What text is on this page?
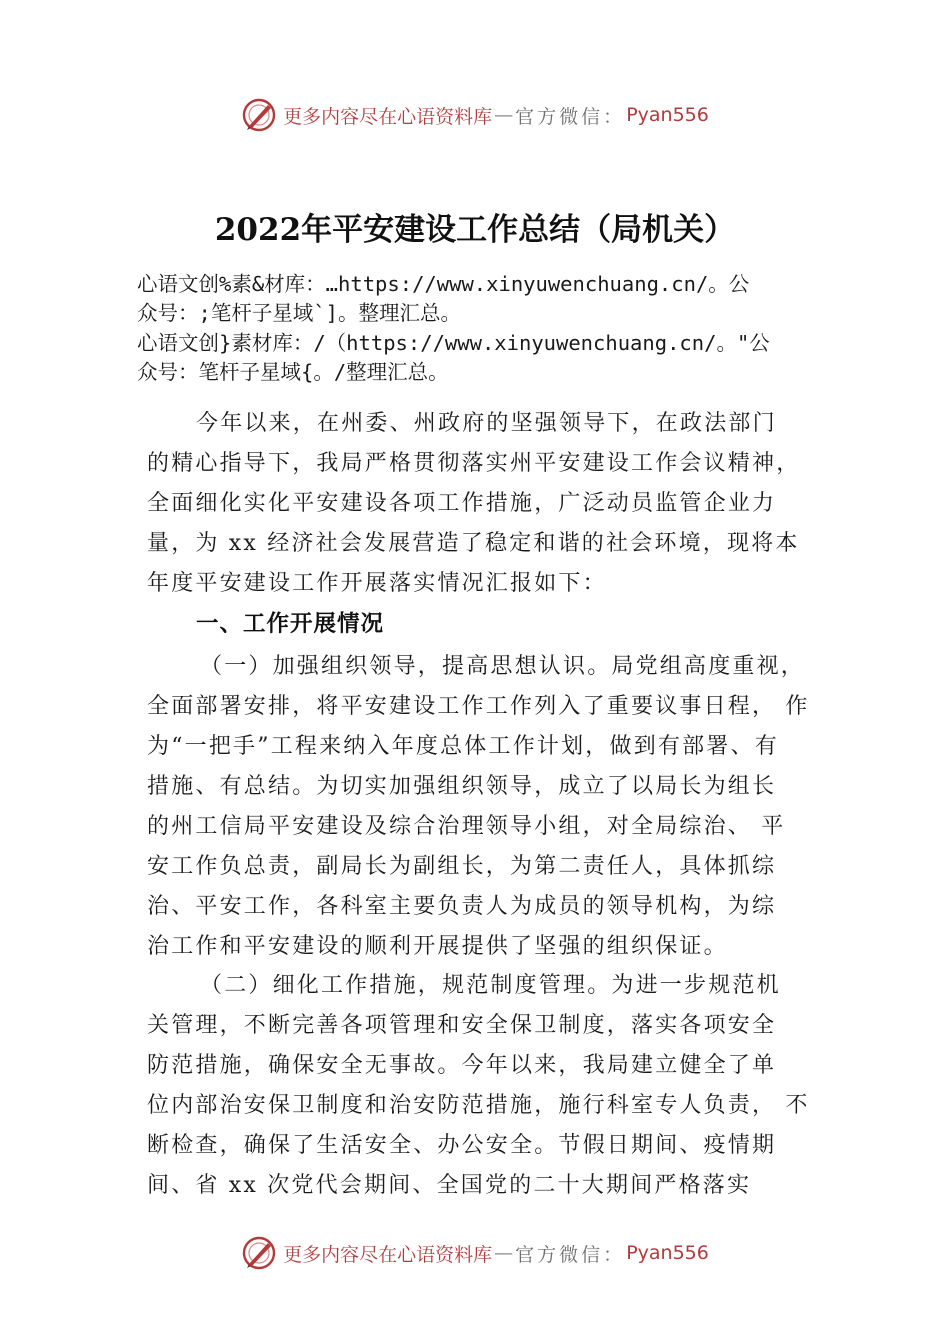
更多内容尽在心语资料库 — 官方微信 ： Pyan556
2022年平安建设工作总结（局机关）
心语文创%素&材库：…https://www.xinyuwenchuang.cn/。公
众号：;笔杆子星域`]。整理汇总。
心语文创}素材库：/（https://www.xinyuwenchuang.cn/。"公
众号：笔杆子星域{。/整理汇总。
今年以来，在州委、州政府的坚强领导下，在政法部门
的精心指导下，我局严格贯彻落实州平安建设工作会议精神，
全面细化实化平安建设各项工作措施，广泛动员监管企业力
量，为 xx 经济社会发展营造了稳定和谐的社会环境，现将本
年度平安建设工作开展落实情况汇报如下：
一、工作开展情况
（一）加强组织领导，提高思想认识。局党组高度重视，
全面部署安排，将平安建设工作工作列入了重要议事日程， 作
为“一把手”工程来纳入年度总体工作计划，做到有部署、有
措施、有总结。为切实加强组织领导，成立了以局长为组长
的州工信局平安建设及综合治理领导小组，对全局综治、 平
安工作负总责，副局长为副组长，为第二责任人，具体抓综
治、平安工作，各科室主要负责人为成员的领导机构，为综
治工作和平安建设的顺利开展提供了坚强的组织保证。
（二）细化工作措施，规范制度管理。为进一步规范机
关管理，不断完善各项管理和安全保卫制度，落实各项安全
防范措施，确保安全无事故。今年以来，我局建立健全了单
位内部治安保卫制度和治安防范措施，施行科室专人负责， 不
断检查，确保了生活安全、办公安全。节假日期间、疫情期
间、省 xx 次党代会期间、全国党的二十大期间严格落实
更多内容尽在心语资料库 — 官方微信 ： Pyan556
